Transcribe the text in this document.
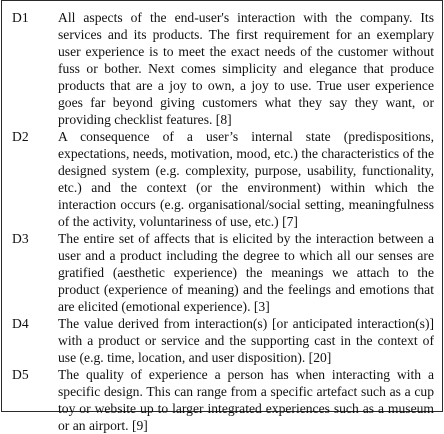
D1	All aspects of the end-user's interaction with the company. Its services and its products. The first requirement for an exemplary user experience is to meet the exact needs of the customer without fuss or bother. Next comes simplicity and elegance that produce products that are a joy to own, a joy to use. True user experience goes far beyond giving customers what they say they want, or providing checklist features. [8]
D2	A consequence of a user’s internal state (predispositions, expectations, needs, motivation, mood, etc.) the characteristics of the designed system (e.g. complexity, purpose, usability, functionality, etc.) and the context (or the environment) within which the interaction occurs (e.g. organisational/social setting, meaningfulness of the activity, voluntariness of use, etc.) [7]
D3	The entire set of affects that is elicited by the interaction between a user and a product including the degree to which all our senses are gratified (aesthetic experience) the meanings we attach to the product (experience of meaning) and the feelings and emotions that are elicited (emotional experience). [3]
D4	The value derived from interaction(s) [or anticipated interaction(s)] with a product or service and the supporting cast in the context of use (e.g. time, location, and user disposition). [20]
D5	The quality of experience a person has when interacting with a specific design. This can range from a specific artefact such as a cup toy or website up to larger integrated experiences such as a museum or an airport. [9]
